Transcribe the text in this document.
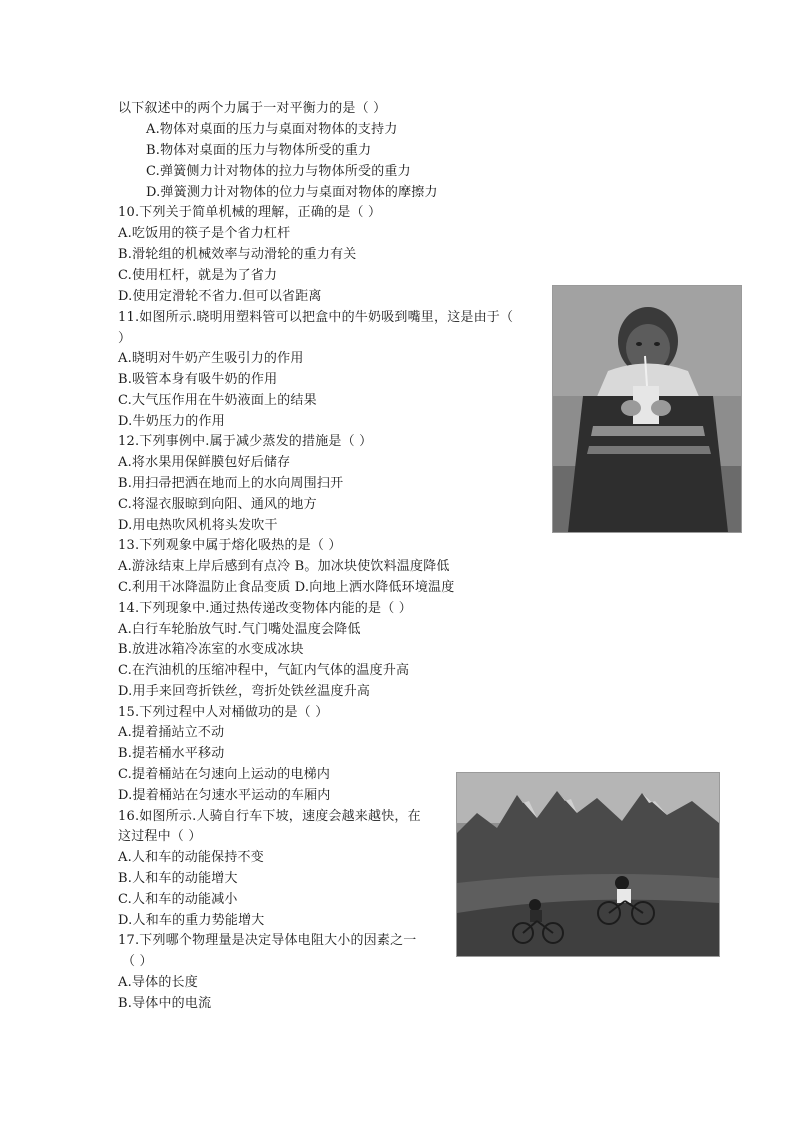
以下叙述中的两个力属于一对平衡力的是（ ）
A.物体对桌面的压力与桌面对物体的支持力
B.物体对桌面的压力与物体所受的重力
C.弹簧侧力计对物体的拉力与物体所受的重力
D.弹簧测力计对物体的位力与桌面对物体的摩擦力
10.下列关于简单机械的理解，正确的是（ ）
A.吃饭用的筷子是个省力杠杆
B.滑轮组的机械效率与动滑轮的重力有关
C.使用杠杆，就是为了省力
D.使用定滑轮不省力.但可以省距离
11.如图所示.晓明用塑料管可以把盒中的牛奶吸到嘴里，这是由于（
）
A.晓明对牛奶产生吸引力的作用
B.吸管本身有吸牛奶的作用
C.大气压作用在牛奶液面上的结果
D.牛奶压力的作用
12.下列事例中.属于减少蒸发的措施是（ ）
A.将水果用保鲜膜包好后储存
B.用扫帚把洒在地而上的水向周围扫开
C.将湿衣服晾到向阳、通风的地方
D.用电热吹风机将头发吹干
13.下列观象中属于熔化吸热的是（ ）
A.游泳结束上岸后感到有点冷 B。加冰块使饮料温度降低
C.利用干冰降温防止食品变质 D.向地上洒水降低环境温度
14.下列现象中.通过热传递改变物体内能的是（ ）
A.白行车轮胎放气时.气门嘴处温度会降低
B.放进冰箱冷冻室的水变成冰块
C.在汽油机的压缩冲程中，气缸内气体的温度升高
D.用手来回弯折铁丝，弯折处铁丝温度升高
15.下列过程中人对桶做功的是（ ）
A.提着捅站立不动
B.提若桶水平移动
C.提着桶站在匀速向上运动的电梯内
D.提着桶站在匀速水平运动的车厢内
16.如图所示.人骑自行车下坡，速度会越来越快，在
这过程中（ ）
A.人和车的动能保持不变
B.人和车的动能增大
C.人和车的动能减小
D.人和车的重力势能增大
17.下列哪个物理量是决定导体电阻大小的因素之一
（ ）
A.导体的长度
B.导体中的电流
